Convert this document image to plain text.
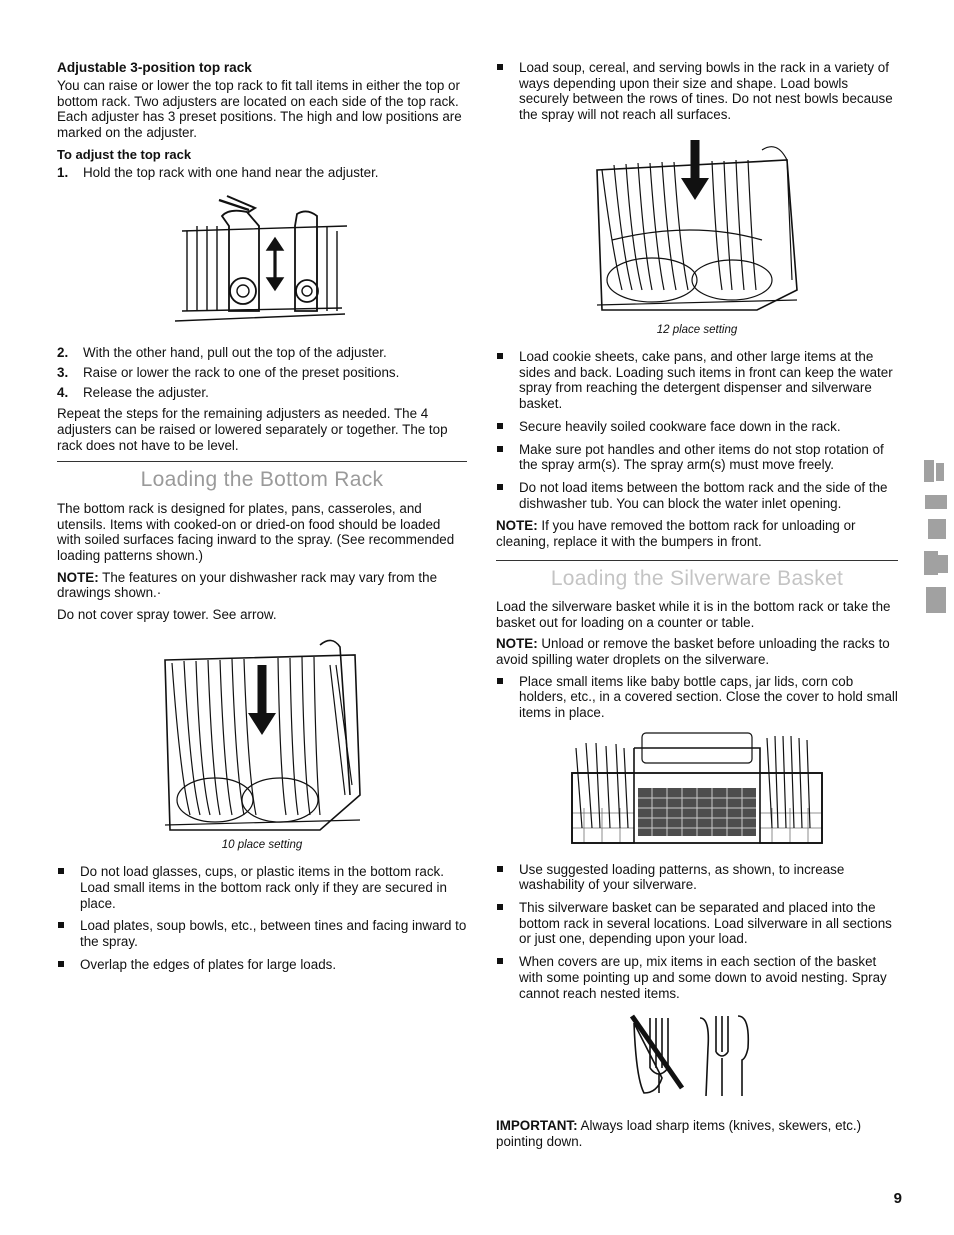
Adjustable 3-position top rack

You can raise or lower the top rack to fit tall items in either the top or bottom rack. Two adjusters are located on each side of the top rack. Each adjuster has 3 preset positions. The high and low positions are marked on the adjuster.

To adjust the top rack

1. Hold the top rack with one hand near the adjuster.
2. With the other hand, pull out the top of the adjuster.
3. Raise or lower the rack to one of the preset positions.
4. Release the adjuster.

Repeat the steps for the remaining adjusters as needed. The 4 adjusters can be raised or lowered separately or together. The top rack does not have to be level.

Loading the Bottom Rack

The bottom rack is designed for plates, pans, casseroles, and utensils. Items with cooked-on or dried-on food should be loaded with soiled surfaces facing inward to the spray. (See recommended loading patterns shown.)

NOTE: The features on your dishwasher rack may vary from the drawings shown.·

Do not cover spray tower. See arrow.

10 place setting
Do not load glasses, cups, or plastic items in the bottom rack. Load small items in the bottom rack only if they are secured in place.
Load plates, soup bowls, etc., between tines and facing inward to the spray.
Overlap the edges of plates for large loads.
Load soup, cereal, and serving bowls in the rack in a variety of ways depending upon their size and shape. Load bowls securely between the rows of tines. Do not nest bowls because the spray will not reach all surfaces.
12 place setting
Load cookie sheets, cake pans, and other large items at the sides and back. Loading such items in front can keep the water spray from reaching the detergent dispenser and silverware basket.
Secure heavily soiled cookware face down in the rack.
Make sure pot handles and other items do not stop rotation of the spray arm(s). The spray arm(s) must move freely.
Do not load items between the bottom rack and the side of the dishwasher tub. You can block the water inlet opening.

NOTE: If you have removed the bottom rack for unloading or cleaning, replace it with the bumpers in front.

Loading the Silverware Basket

Load the silverware basket while it is in the bottom rack or take the basket out for loading on a counter or table.

NOTE: Unload or remove the basket before unloading the racks to avoid spilling water droplets on the silverware.

Place small items like baby bottle caps, jar lids, corn cob holders, etc., in a covered section. Close the cover to hold small items in place.
Use suggested loading patterns, as shown, to increase washability of your silverware.
This silverware basket can be separated and placed into the bottom rack in several locations. Load silverware in all sections or just one, depending upon your load.
When covers are up, mix items in each section of the basket with some pointing up and some down to avoid nesting. Spray cannot reach nested items.

IMPORTANT: Always load sharp items (knives, skewers, etc.) pointing down.

9
